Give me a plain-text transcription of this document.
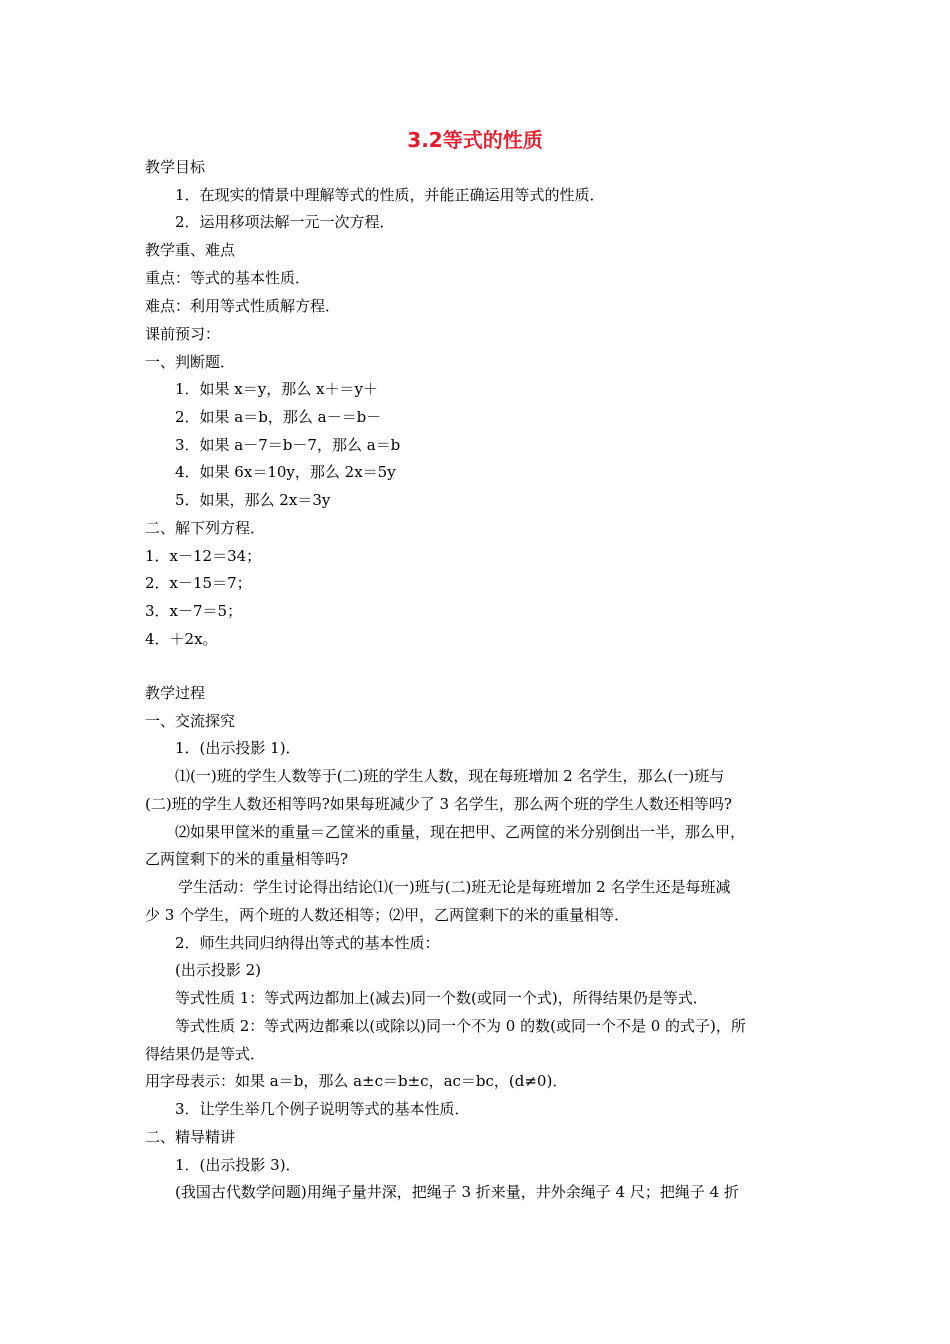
3.2等式的性质
教学目标
1．在现实的情景中理解等式的性质，并能正确运用等式的性质．
2．运用移项法解一元一次方程．
教学重、难点
重点：等式的基本性质．
难点：利用等式性质解方程．
课前预习：
一、判断题．
1．如果 x＝y，那么 x＋＝y＋
2．如果 a＝b，那么 a－＝b－
3．如果 a－7＝b－7，那么 a＝b
4．如果 6x＝10y，那么 2x＝5y
5．如果，那么 2x＝3y
二、解下列方程．
1．x－12＝34；
2．x－15＝7；
3．x－7＝5；
4．＋2x。
教学过程
一、交流探究
1．(出示投影 1)．
⑴(一)班的学生人数等于(二)班的学生人数，现在每班增加 2 名学生，那么(一)班与
(二)班的学生人数还相等吗?如果每班减少了 3 名学生，那么两个班的学生人数还相等吗?
⑵如果甲筐米的重量＝乙筐米的重量，现在把甲、乙两筐的米分别倒出一半，那么甲，
乙两筐剩下的米的重量相等吗?
学生活动：学生讨论得出结论⑴(一)班与(二)班无论是每班增加 2 名学生还是每班减
少 3 个学生，两个班的人数还相等；⑵甲，乙两筐剩下的米的重量相等．
2．师生共同归纳得出等式的基本性质：
(出示投影 2)
等式性质 1：等式两边都加上(减去)同一个数(或同一个式)，所得结果仍是等式．
等式性质 2：等式两边都乘以(或除以)同一个不为 0 的数(或同一个不是 0 的式子)，所
得结果仍是等式．
用字母表示：如果 a＝b，那么 a±c＝b±c，ac＝bc，(d≠0)．
3．让学生举几个例子说明等式的基本性质．
二、精导精讲
1．(出示投影 3)．
(我国古代数学问题)用绳子量井深，把绳子 3 折来量，井外余绳子 4 尺；把绳子 4 折
